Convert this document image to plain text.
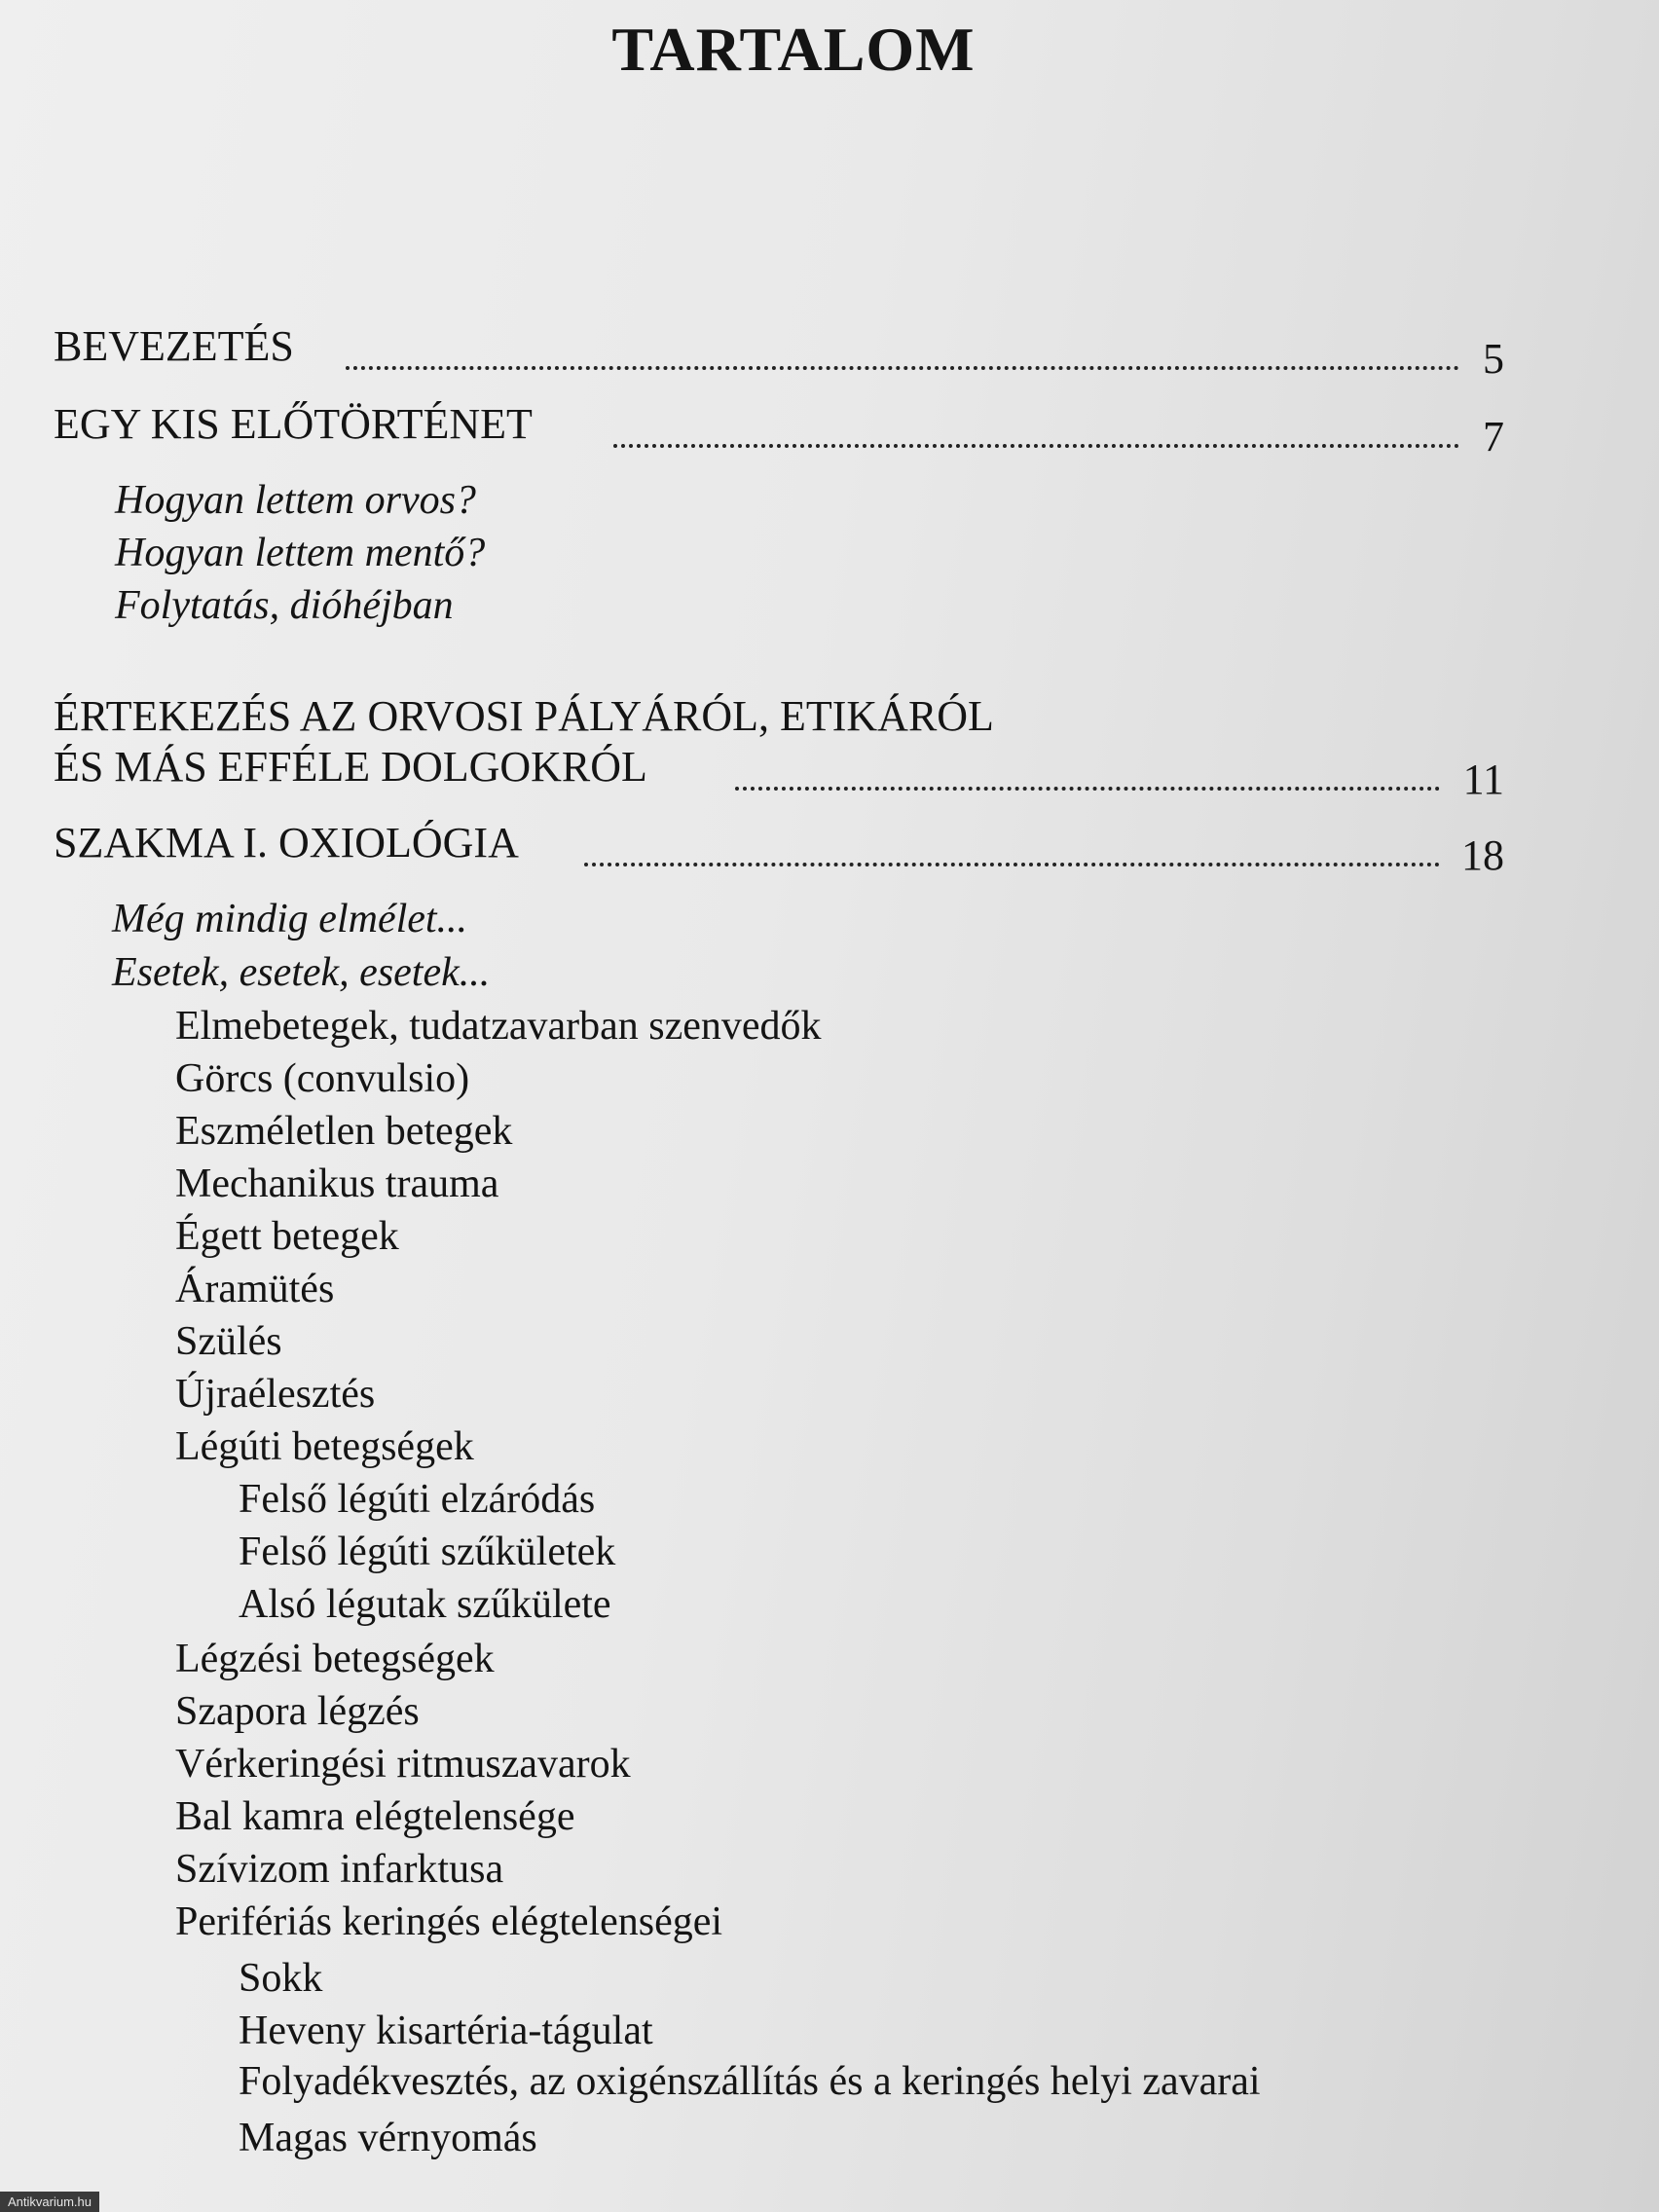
TARTALOM
BEVEZETÉS	5
EGY KIS ELŐTÖRTÉNET	7
Hogyan lettem orvos?
Hogyan lettem mentő?
Folytatás, dióhéjban
ÉRTEKEZÉS AZ ORVOSI PÁLYÁRÓL, ETIKÁRÓL
ÉS MÁS EFFÉLE DOLGOKRÓL	11
SZAKMA I. OXIOLÓGIA	18
Még mindig elmélet...
Esetek, esetek, esetek...
Elmebetegek, tudatzavarban szenvedők
Görcs (convulsio)
Eszméletlen betegek
Mechanikus trauma
Égett betegek
Áramütés
Szülés
Újraélesztés
Légúti betegségek
Felső légúti elzáródás
Felső légúti szűkületek
Alsó légutak szűkülete
Légzési betegségek
Szapora légzés
Vérkeringési ritmuszavarok
Bal kamra elégtelensége
Szívizom infarktusa
Perifériás keringés elégtelenségei
Sokk
Heveny kisartéria-tágulat
Folyadékvesztés, az oxigénszállítás és a keringés helyi zavarai
Magas vérnyomás
Antikvarium.hu
